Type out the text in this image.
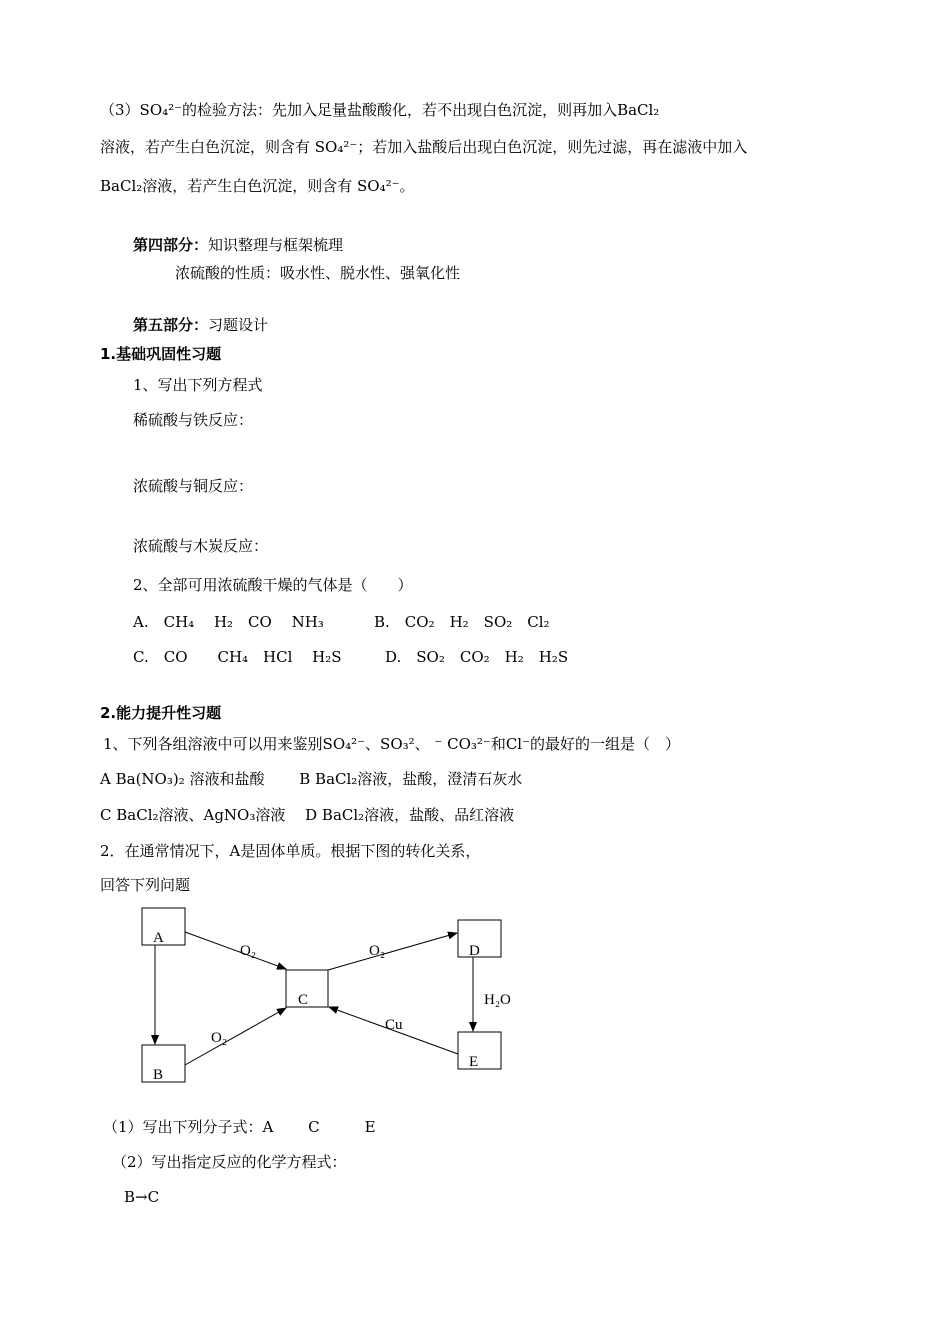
（3）SO₄²⁻的检验方法：先加入足量盐酸酸化，若不出现白色沉淀，则再加入BaCl₂
溶液，若产生白色沉淀，则含有 SO₄²⁻；若加入盐酸后出现白色沉淀，则先过滤，再在滤液中加入
BaCl₂溶液，若产生白色沉淀，则含有 SO₄²⁻。
第四部分：知识整理与框架梳理
浓硫酸的性质：吸水性、脱水性、强氧化性
第五部分：习题设计
1.基础巩固性习题
1、写出下列方程式
稀硫酸与铁反应：
浓硫酸与铜反应：
浓硫酸与木炭反应：
2、全部可用浓硫酸干燥的气体是（　　）
A.　CH₄　 H₂　CO　 NH₃	B.　CO₂　H₂　SO₂　Cl₂
C.　CO　　CH₄　HCl　 H₂S	D.　SO₂　CO₂　H₂　H₂S
2.能力提升性习题
1、下列各组溶液中可以用来鉴别SO₄²⁻、SO₃²、 ⁻ CO₃²⁻和Cl⁻的最好的一组是（　）
A Ba(NO₃)₂ 溶液和盐酸　　 B BaCl₂溶液，盐酸，澄清石灰水
C BaCl₂溶液、AgNO₃溶液　 D BaCl₂溶液，盐酸、品红溶液
2．在通常情况下，A是固体单质。根据下图的转化关系，
回答下列问题
A
C
D
B
E
O₂	O₂
O₂
H₂O
Cu
（1）写出下列分子式：A　　 C　　　E
（2）写出指定反应的化学方程式：
B→C
